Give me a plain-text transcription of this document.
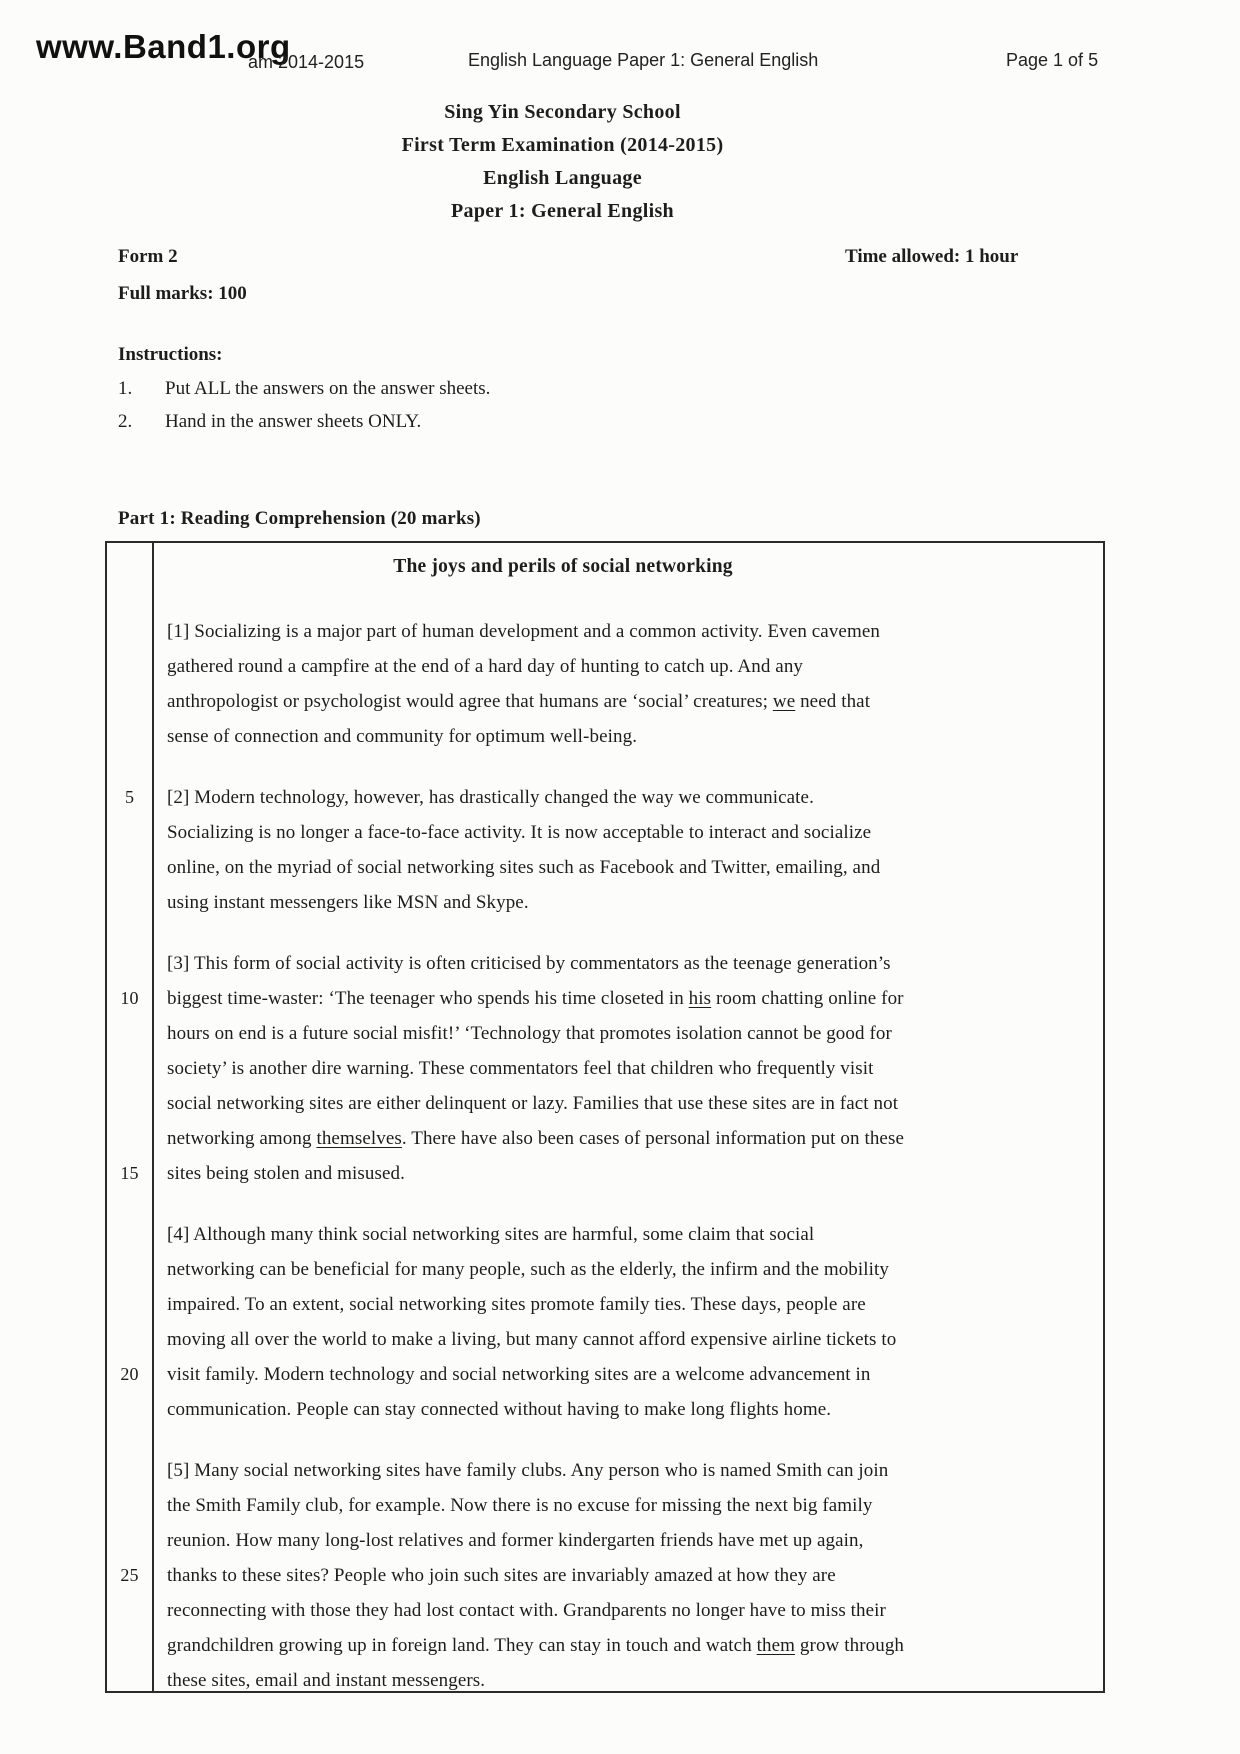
www.Band1.org
am 2014-2015	English Language Paper 1: General English	Page 1 of 5
Sing Yin Secondary School
First Term Examination (2014-2015)
English Language
Paper 1: General English
Form 2	Time allowed: 1 hour
Full marks: 100
Instructions:
1. Put ALL the answers on the answer sheets.
2. Hand in the answer sheets ONLY.
Part 1: Reading Comprehension (20 marks)
The joys and perils of social networking
[1] Socializing is a major part of human development and a common activity. Even cavemen
gathered round a campfire at the end of a hard day of hunting to catch up. And any
anthropologist or psychologist would agree that humans are ‘social’ creatures; we need that
sense of connection and community for optimum well-being.
5	[2] Modern technology, however, has drastically changed the way we communicate.
Socializing is no longer a face-to-face activity. It is now acceptable to interact and socialize
online, on the myriad of social networking sites such as Facebook and Twitter, emailing, and
using instant messengers like MSN and Skype.
[3] This form of social activity is often criticised by commentators as the teenage generation’s
10	biggest time-waster: ‘The teenager who spends his time closeted in his room chatting online for
hours on end is a future social misfit!’ ‘Technology that promotes isolation cannot be good for
society’ is another dire warning. These commentators feel that children who frequently visit
social networking sites are either delinquent or lazy. Families that use these sites are in fact not
networking among themselves. There have also been cases of personal information put on these
15	sites being stolen and misused.
[4] Although many think social networking sites are harmful, some claim that social
networking can be beneficial for many people, such as the elderly, the infirm and the mobility
impaired. To an extent, social networking sites promote family ties. These days, people are
moving all over the world to make a living, but many cannot afford expensive airline tickets to
20	visit family. Modern technology and social networking sites are a welcome advancement in
communication. People can stay connected without having to make long flights home.
[5] Many social networking sites have family clubs. Any person who is named Smith can join
the Smith Family club, for example. Now there is no excuse for missing the next big family
reunion. How many long-lost relatives and former kindergarten friends have met up again,
25	thanks to these sites? People who join such sites are invariably amazed at how they are
reconnecting with those they had lost contact with. Grandparents no longer have to miss their
grandchildren growing up in foreign land. They can stay in touch and watch them grow through
these sites, email and instant messengers.
